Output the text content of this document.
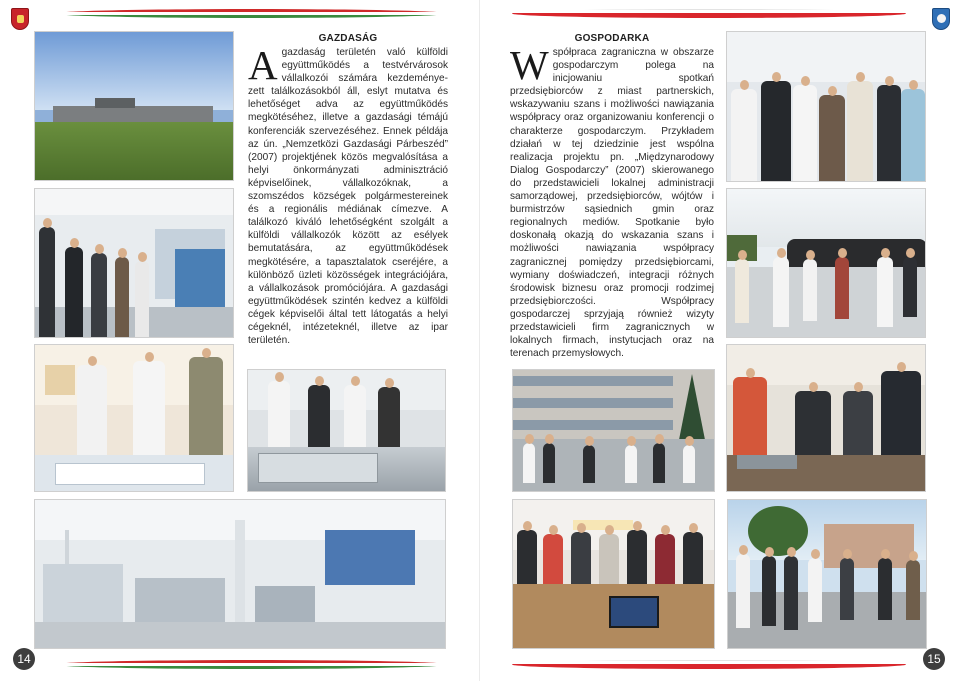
GAZDASÁG
Agazdaság területén való külföldi együttműködés a testvérvárosok vállalkozói számára kezdeménye-zett találkozásokból áll, eslyt mutatva és lehetőséget adva az együttműködés megkötéséhez, illetve a gazdasági témájú konferenciák szervezéséhez. Ennek példája az ún. „Nemzetközi Gazdasági Párbeszéd” (2007) projektjének közös megvalósítása a helyi önkormányzati adminisztráció képviselőinek, vállalkozóknak, a szomszédos községek polgármestereinek és a regionális médiának címezve. A találkozó kiváló lehetőségként szolgált a külföldi vállalkozók között az esélyek bemutatására, az együttműködések megkötésére, a tapasztalatok cseréjére, a különböző üzleti közösségek integrációjára, a vállalkozások promóciójára. A gazdasági együttműködések szintén kedvez a külföldi cégek képviselői által tett látogatás a helyi cégeknél, intézeteknél, illetve az ipar területén.
14
GOSPODARKA
Współpraca zagraniczna w obszarze gospodarczym polega na inicjowaniu spotkań przedsiębiorców z miast partnerskich, wskazywaniu szans i możliwości nawiązania współpracy oraz organizowaniu konferencji o charakterze gospodarczym. Przykładem działań w tej dziedzinie jest wspólna realizacja projektu pn. „Międzynarodowy Dialog Gospodarczy” (2007) skierowanego do przedstawicieli lokalnej administracji samorządowej, przedsiębiorców, wójtów i burmistrzów sąsiednich gmin oraz regionalnych mediów. Spotkanie było doskonałą okazją do wskazania szans i możliwości nawiązania współpracy zagranicznej pomiędzy przedsiębiorcami, wymiany doświadczeń, integracji różnych środowisk biznesu oraz promocji rodzimej przedsiębiorczości. Współpracy gospodarczej sprzyjają również wizyty przedstawicieli firm zagranicznych w lokalnych firmach, instytucjach oraz na terenach przemysłowych.
15
